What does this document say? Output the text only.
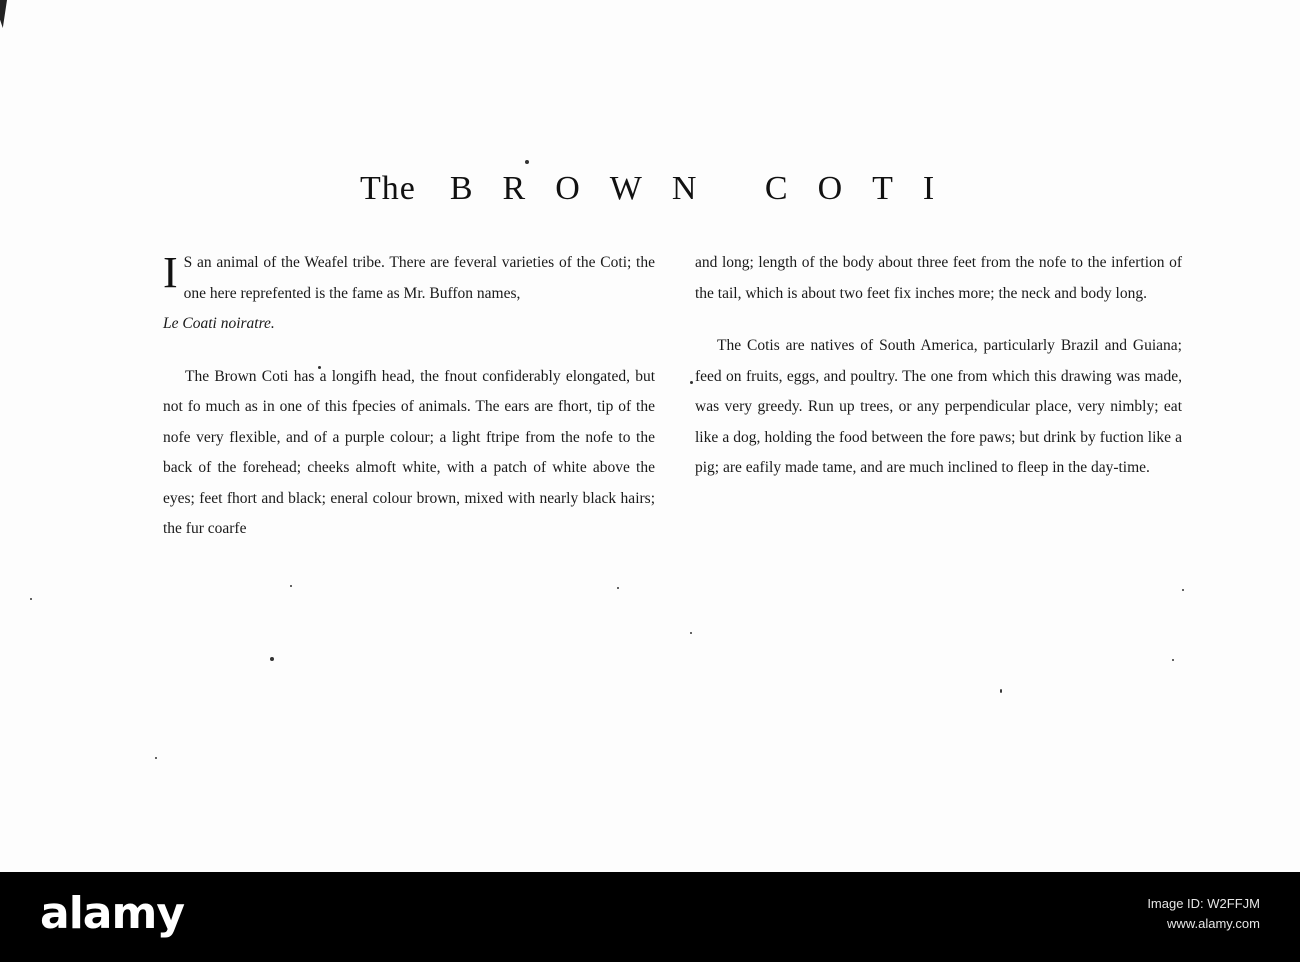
The BROWN COTI

I S an animal of the Weafel tribe. There are feveral varieties of the Coti; the one here reprefented is the fame as Mr. Buffon names,
Le Coati noiratre.

The Brown Coti has a longifh head, the fnout confiderably elongated, but not fo much as in one of this fpecies of animals. The ears are fhort, tip of the nofe very flexible, and of a purple colour; a light ftripe from the nofe to the back of the forehead; cheeks almoft white, with a patch of white above the eyes; feet fhort and black; eneral colour brown, mixed with nearly black hairs; the fur coarfe

and long; length of the body about three feet from the nofe to the infertion of the tail, which is about two feet fix inches more; the neck and body long.

The Cotis are natives of South America, particularly Brazil and Guiana; feed on fruits, eggs, and poultry. The one from which this drawing was made, was very greedy. Run up trees, or any perpendicular place, very nimbly; eat like a dog, holding the food between the fore paws; but drink by fuction like a pig; are eafily made tame, and are much inclined to fleep in the day-time.

alamy	Image ID: W2FFJM
www.alamy.com
